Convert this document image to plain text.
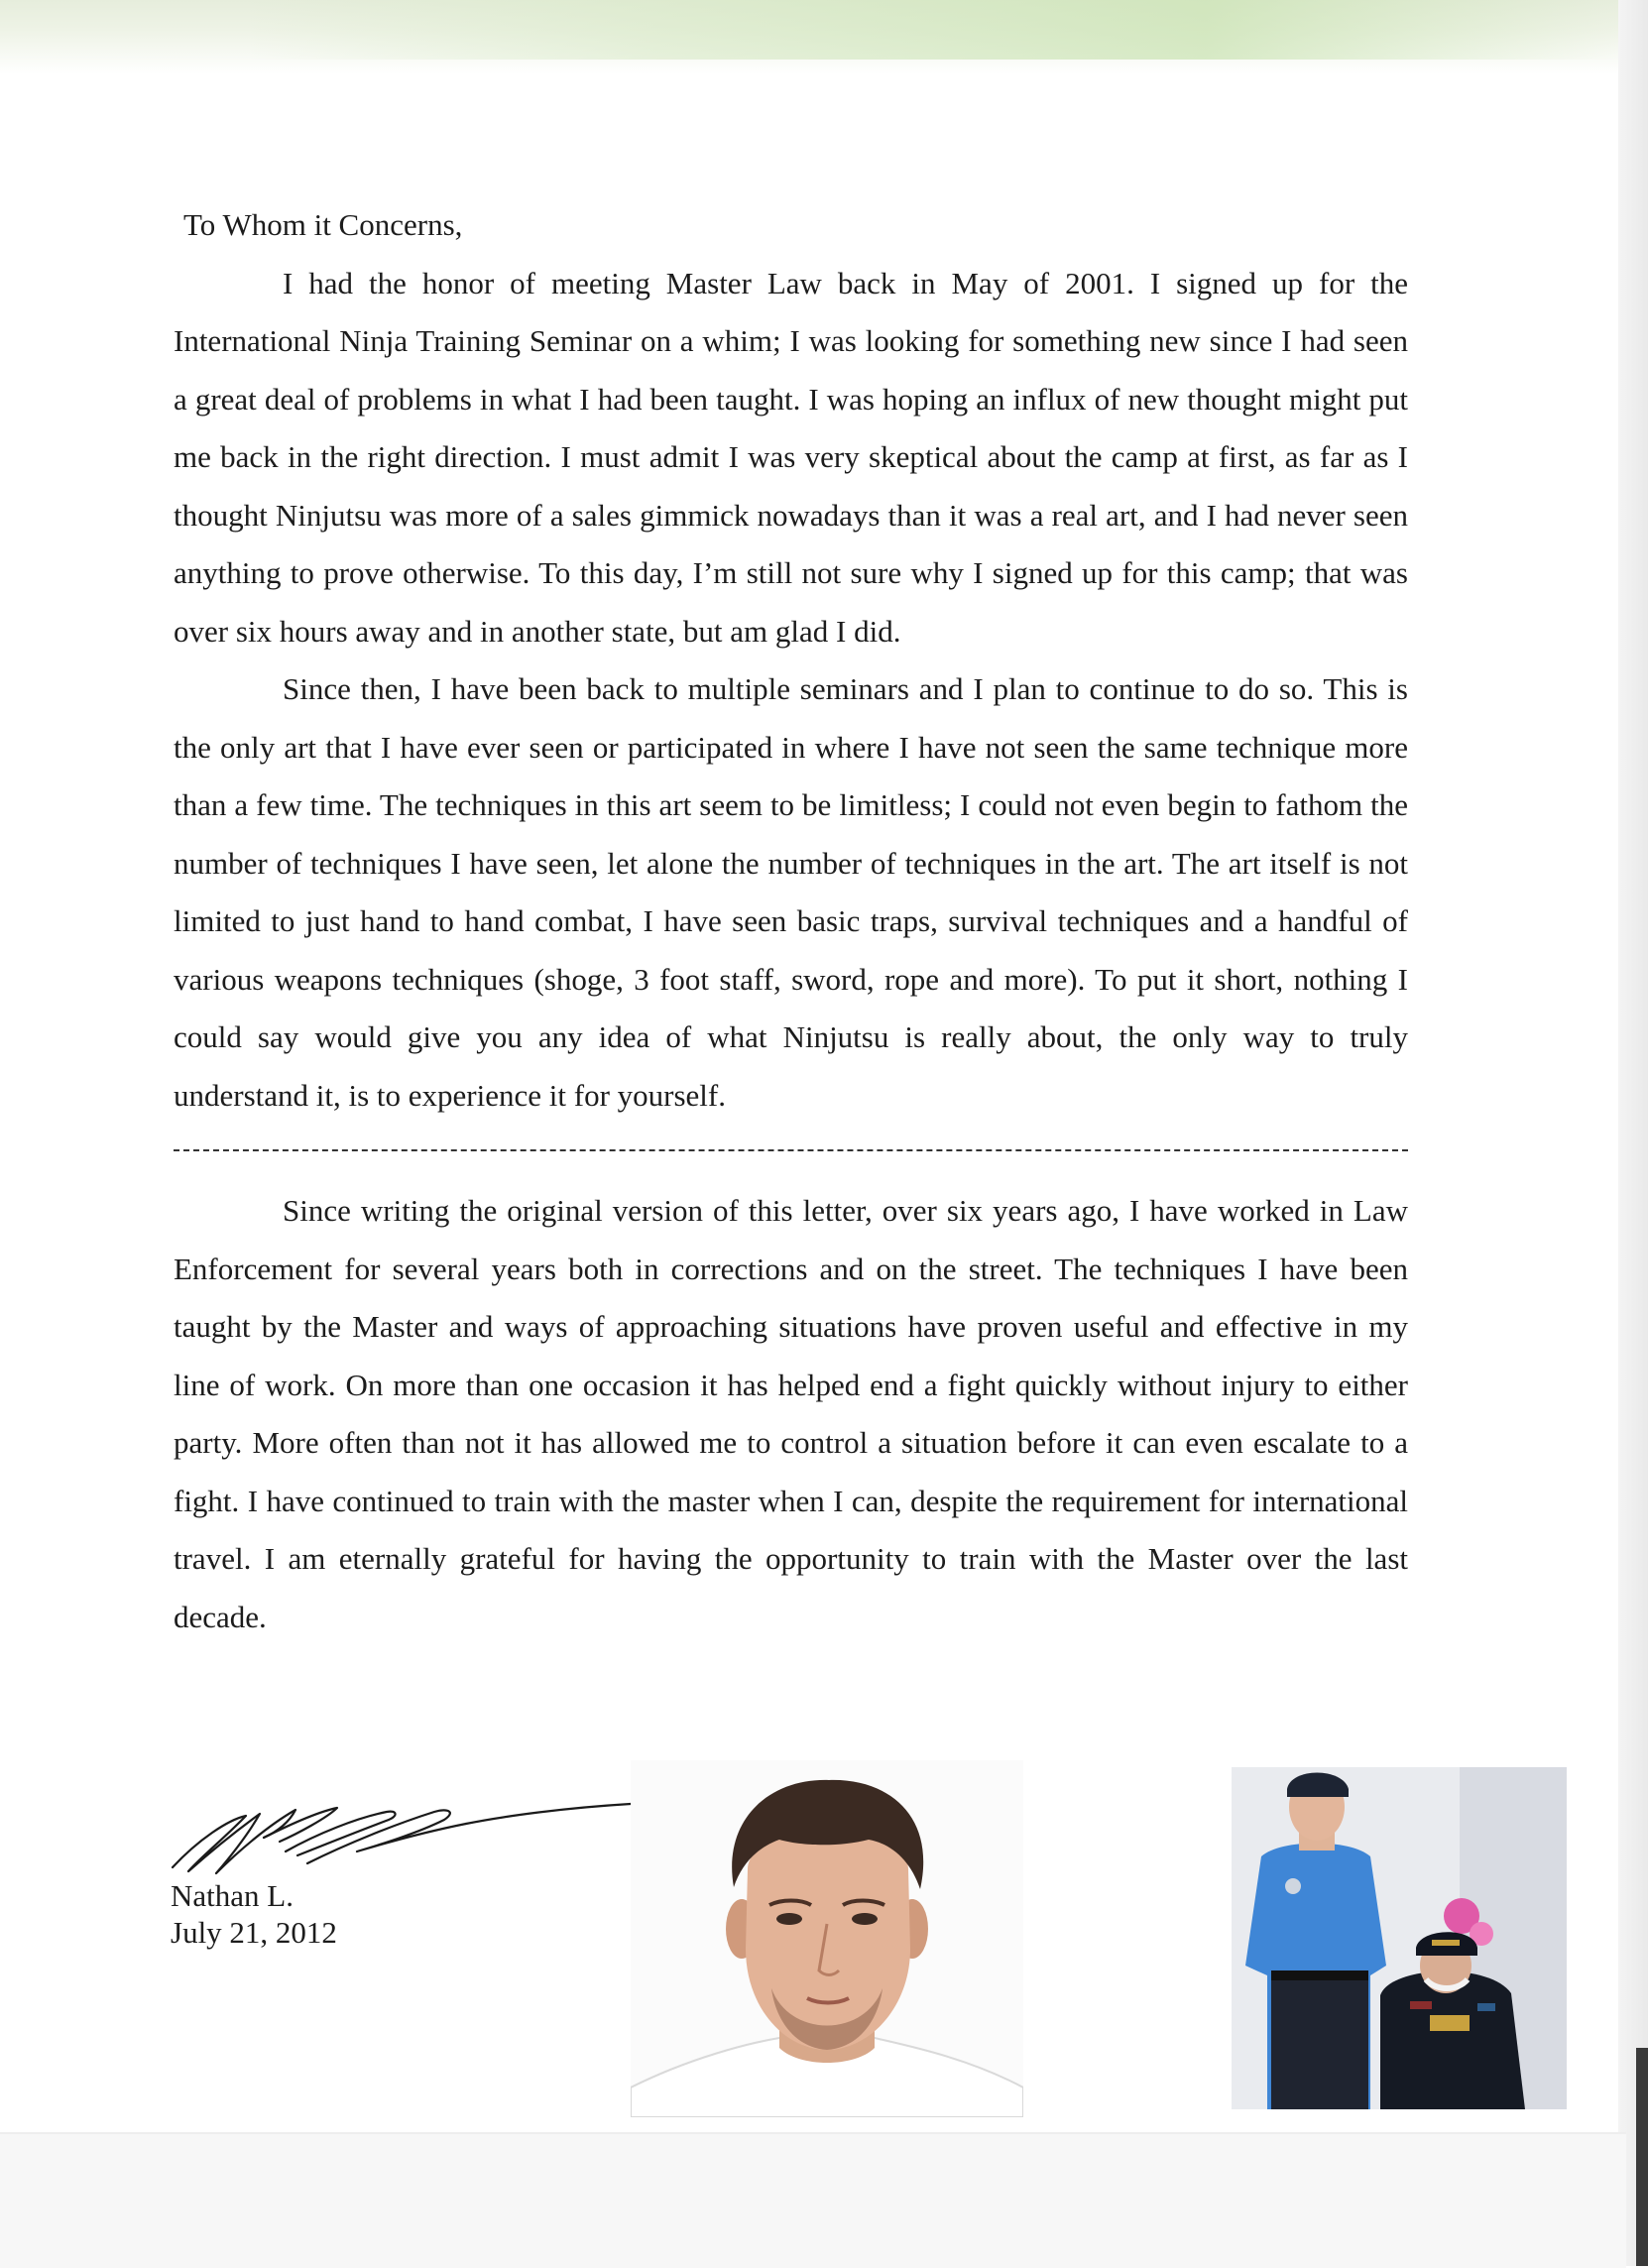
To Whom it Concerns,

I had the honor of meeting Master Law back in May of 2001. I signed up for the International Ninja Training Seminar on a whim; I was looking for something new since I had seen a great deal of problems in what I had been taught. I was hoping an influx of new thought might put me back in the right direction. I must admit I was very skeptical about the camp at first, as far as I thought Ninjutsu was more of a sales gimmick nowadays than it was a real art, and I had never seen anything to prove otherwise. To this day, I’m still not sure why I signed up for this camp; that was over six hours away and in another state, but am glad I did.

Since then, I have been back to multiple seminars and I plan to continue to do so. This is the only art that I have ever seen or participated in where I have not seen the same technique more than a few time. The techniques in this art seem to be limitless; I could not even begin to fathom the number of techniques I have seen, let alone the number of techniques in the art. The art itself is not limited to just hand to hand combat, I have seen basic traps, survival techniques and a handful of various weapons techniques (shoge, 3 foot staff, sword, rope and more). To put it short, nothing I could say would give you any idea of what Ninjutsu is really about, the only way to truly understand it, is to experience it for yourself.

Since writing the original version of this letter, over six years ago, I have worked in Law Enforcement for several years both in corrections and on the street. The techniques I have been taught by the Master and ways of approaching situations have proven useful and effective in my line of work. On more than one occasion it has helped end a fight quickly without injury to either party. More often than not it has allowed me to control a situation before it can even escalate to a fight. I have continued to train with the master when I can, despite the requirement for international travel. I am eternally grateful for having the opportunity to train with the Master over the last decade.

Nathan L.
July 21, 2012
